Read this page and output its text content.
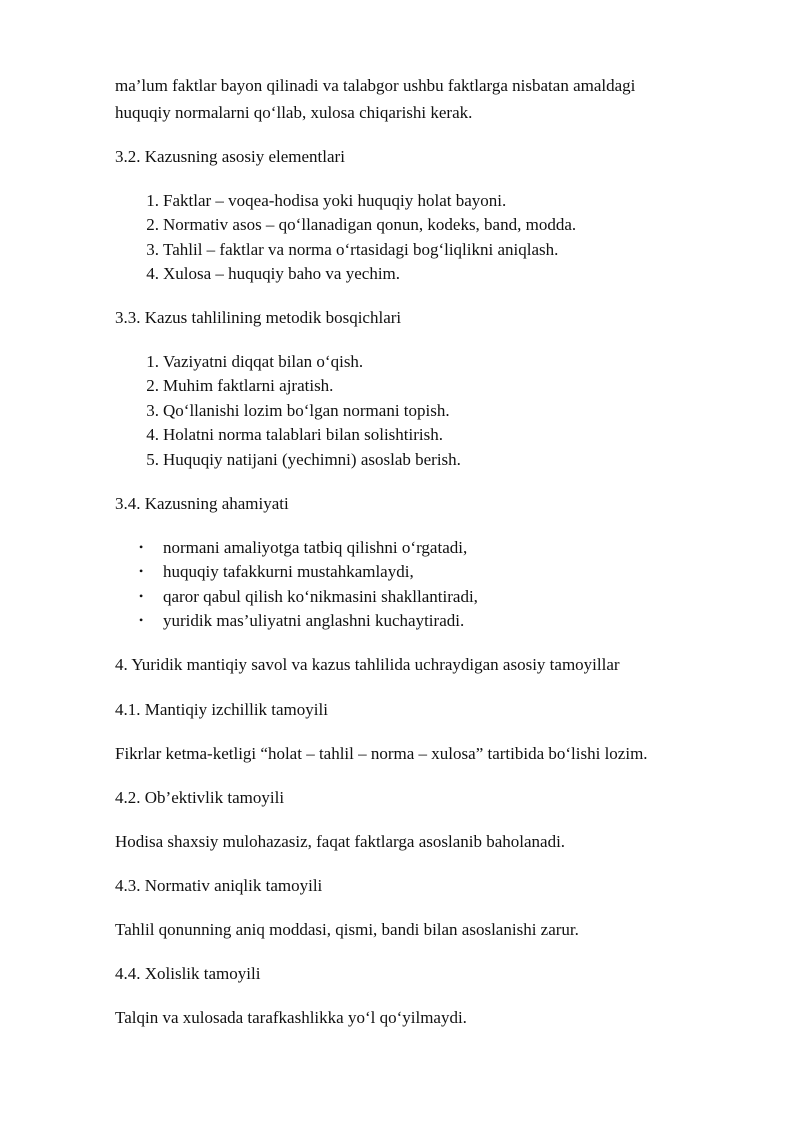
ma’lum faktlar bayon qilinadi va talabgor ushbu faktlarga nisbatan amaldagi
huquqiy normalarni qo‘llab, xulosa chiqarishi kerak.
3.2. Kazusning asosiy elementlari
1. Faktlar – voqea-hodisa yoki huquqiy holat bayoni.
2. Normativ asos – qo‘llanadigan qonun, kodeks, band, modda.
3. Tahlil – faktlar va norma o‘rtasidagi bog‘liqlikni aniqlash.
4. Xulosa – huquqiy baho va yechim.
3.3. Kazus tahlilining metodik bosqichlari
1. Vaziyatni diqqat bilan o‘qish.
2. Muhim faktlarni ajratish.
3. Qo‘llanishi lozim bo‘lgan normani topish.
4. Holatni norma talablari bilan solishtirish.
5. Huquqiy natijani (yechimni) asoslab berish.
3.4. Kazusning ahamiyati
• normani amaliyotga tatbiq qilishni o‘rgatadi,
• huquqiy tafakkurni mustahkamlaydi,
• qaror qabul qilish ko‘nikmasini shakllantiradi,
• yuridik mas’uliyatni anglashni kuchaytiradi.
4. Yuridik mantiqiy savol va kazus tahlilida uchraydigan asosiy tamoyillar
4.1. Mantiqiy izchillik tamoyili
Fikrlar ketma-ketligi “holat – tahlil – norma – xulosa” tartibida bo‘lishi lozim.
4.2. Ob’ektivlik tamoyili
Hodisa shaxsiy mulohazasiz, faqat faktlarga asoslanib baholanadi.
4.3. Normativ aniqlik tamoyili
Tahlil qonunning aniq moddasi, qismi, bandi bilan asoslanishi zarur.
4.4. Xolislik tamoyili
Talqin va xulosada tarafkashlikka yo‘l qo‘yilmaydi.
